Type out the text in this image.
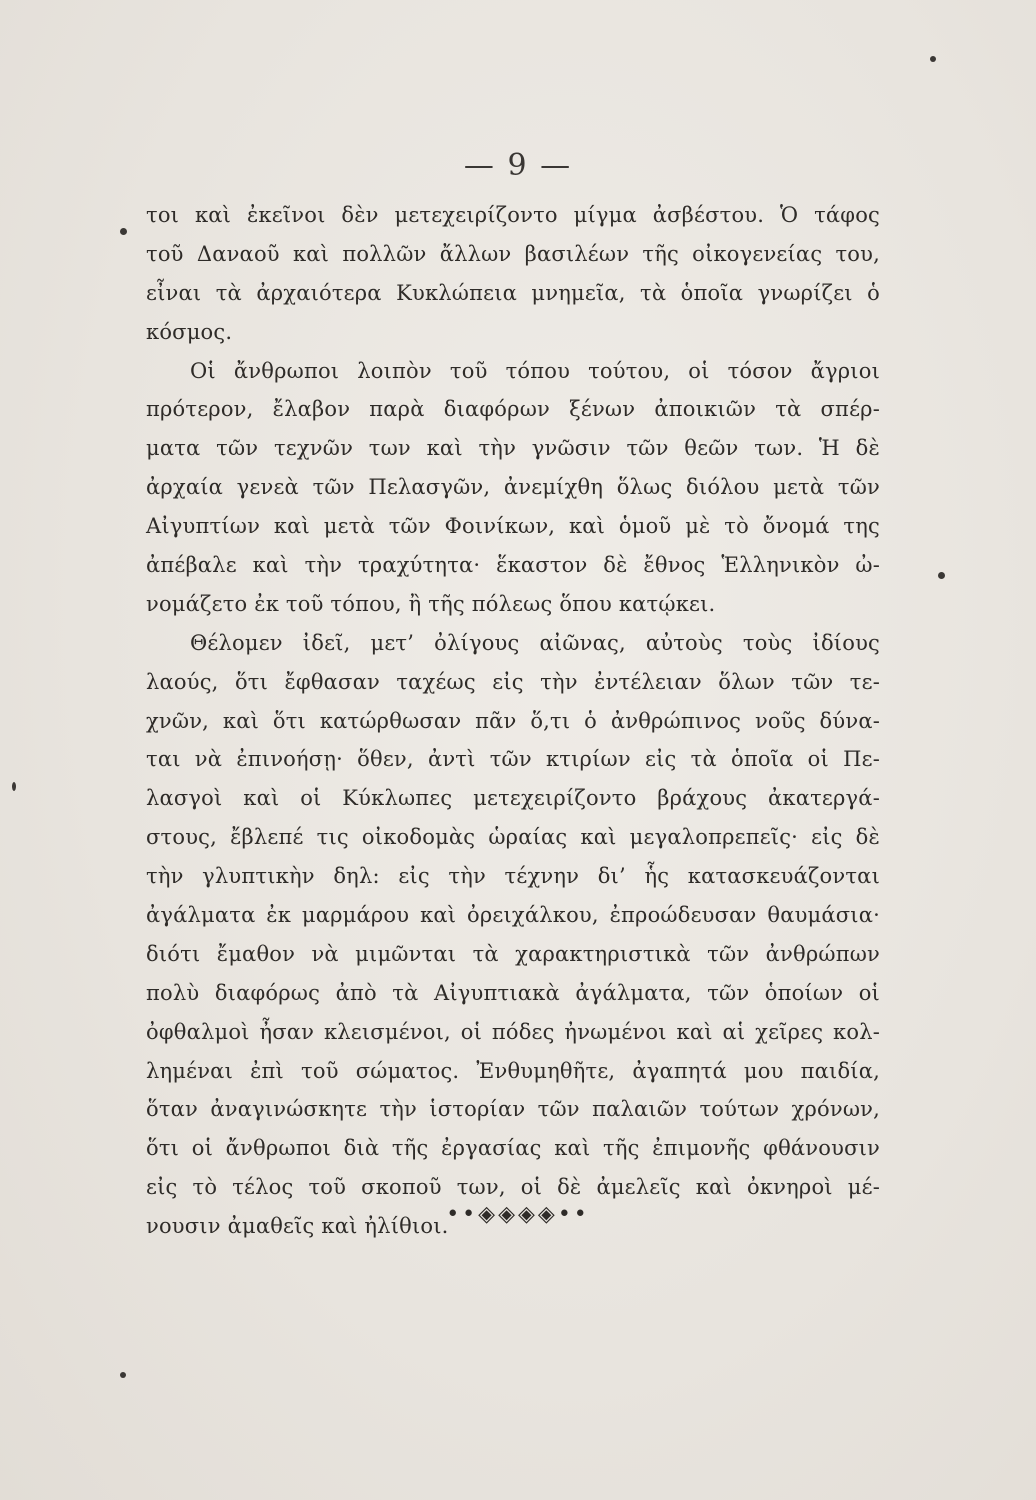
— 9 —
τοι καὶ ἐκεῖνοι δὲν μετεχειρίζοντο μίγμα ἀσβέστου. Ὁ τάφος
τοῦ Δαναοῦ καὶ πολλῶν ἄλλων βασιλέων τῆς οἰκογενείας του,
εἶναι τὰ ἀρχαιότερα Κυκλώπεια μνημεῖα, τὰ ὁποῖα γνωρίζει ὁ
κόσμος.
Οἱ ἄνθρωποι λοιπὸν τοῦ τόπου τούτου, οἱ τόσον ἄγριοι
πρότερον, ἔλαβον παρὰ διαφόρων ξένων ἀποικιῶν τὰ σπέρ-
ματα τῶν τεχνῶν των καὶ τὴν γνῶσιν τῶν θεῶν των. Ἡ δὲ
ἀρχαία γενεὰ τῶν Πελασγῶν, ἀνεμίχθη ὅλως διόλου μετὰ τῶν
Αἰγυπτίων καὶ μετὰ τῶν Φοινίκων, καὶ ὁμοῦ μὲ τὸ ὄνομά της
ἀπέβαλε καὶ τὴν τραχύτητα· ἕκαστον δὲ ἔθνος Ἑλληνικὸν ὠ-
νομάζετο ἐκ τοῦ τόπου, ἢ τῆς πόλεως ὅπου κατῴκει.
Θέλομεν ἰδεῖ, μετ’ ὀλίγους αἰῶνας, αὐτοὺς τοὺς ἰδίους
λαούς, ὅτι ἔφθασαν ταχέως εἰς τὴν ἐντέλειαν ὅλων τῶν τε-
χνῶν, καὶ ὅτι κατώρθωσαν πᾶν ὅ,τι ὁ ἀνθρώπινος νοῦς δύνα-
ται νὰ ἐπινοήσῃ· ὅθεν, ἀντὶ τῶν κτιρίων εἰς τὰ ὁποῖα οἱ Πε-
λασγοὶ καὶ οἱ Κύκλωπες μετεχειρίζοντο βράχους ἀκατεργά-
στους, ἔβλεπέ τις οἰκοδομὰς ὡραίας καὶ μεγαλοπρεπεῖς· εἰς δὲ
τὴν γλυπτικὴν δηλ: εἰς τὴν τέχνην δι’ ἧς κατασκευάζονται
ἀγάλματα ἐκ μαρμάρου καὶ ὀρειχάλκου, ἐπροώδευσαν θαυμάσια·
διότι ἔμαθον νὰ μιμῶνται τὰ χαρακτηριστικὰ τῶν ἀνθρώπων
πολὺ διαφόρως ἀπὸ τὰ Αἰγυπτιακὰ ἀγάλματα, τῶν ὁποίων οἱ
ὀφθαλμοὶ ἦσαν κλεισμένοι, οἱ πόδες ἠνωμένοι καὶ αἱ χεῖρες κολ-
λημέναι ἐπὶ τοῦ σώματος. Ἐνθυμηθῆτε, ἀγαπητά μου παιδία,
ὅταν ἀναγινώσκητε τὴν ἱστορίαν τῶν παλαιῶν τούτων χρόνων,
ὅτι οἱ ἄνθρωποι διὰ τῆς ἐργασίας καὶ τῆς ἐπιμονῆς φθάνουσιν
εἰς τὸ τέλος τοῦ σκοποῦ των, οἱ δὲ ἀμελεῖς καὶ ὀκνηροὶ μέ-
νουσιν ἀμαθεῖς καὶ ἠλίθιοι.
••◈◈◈◈••
